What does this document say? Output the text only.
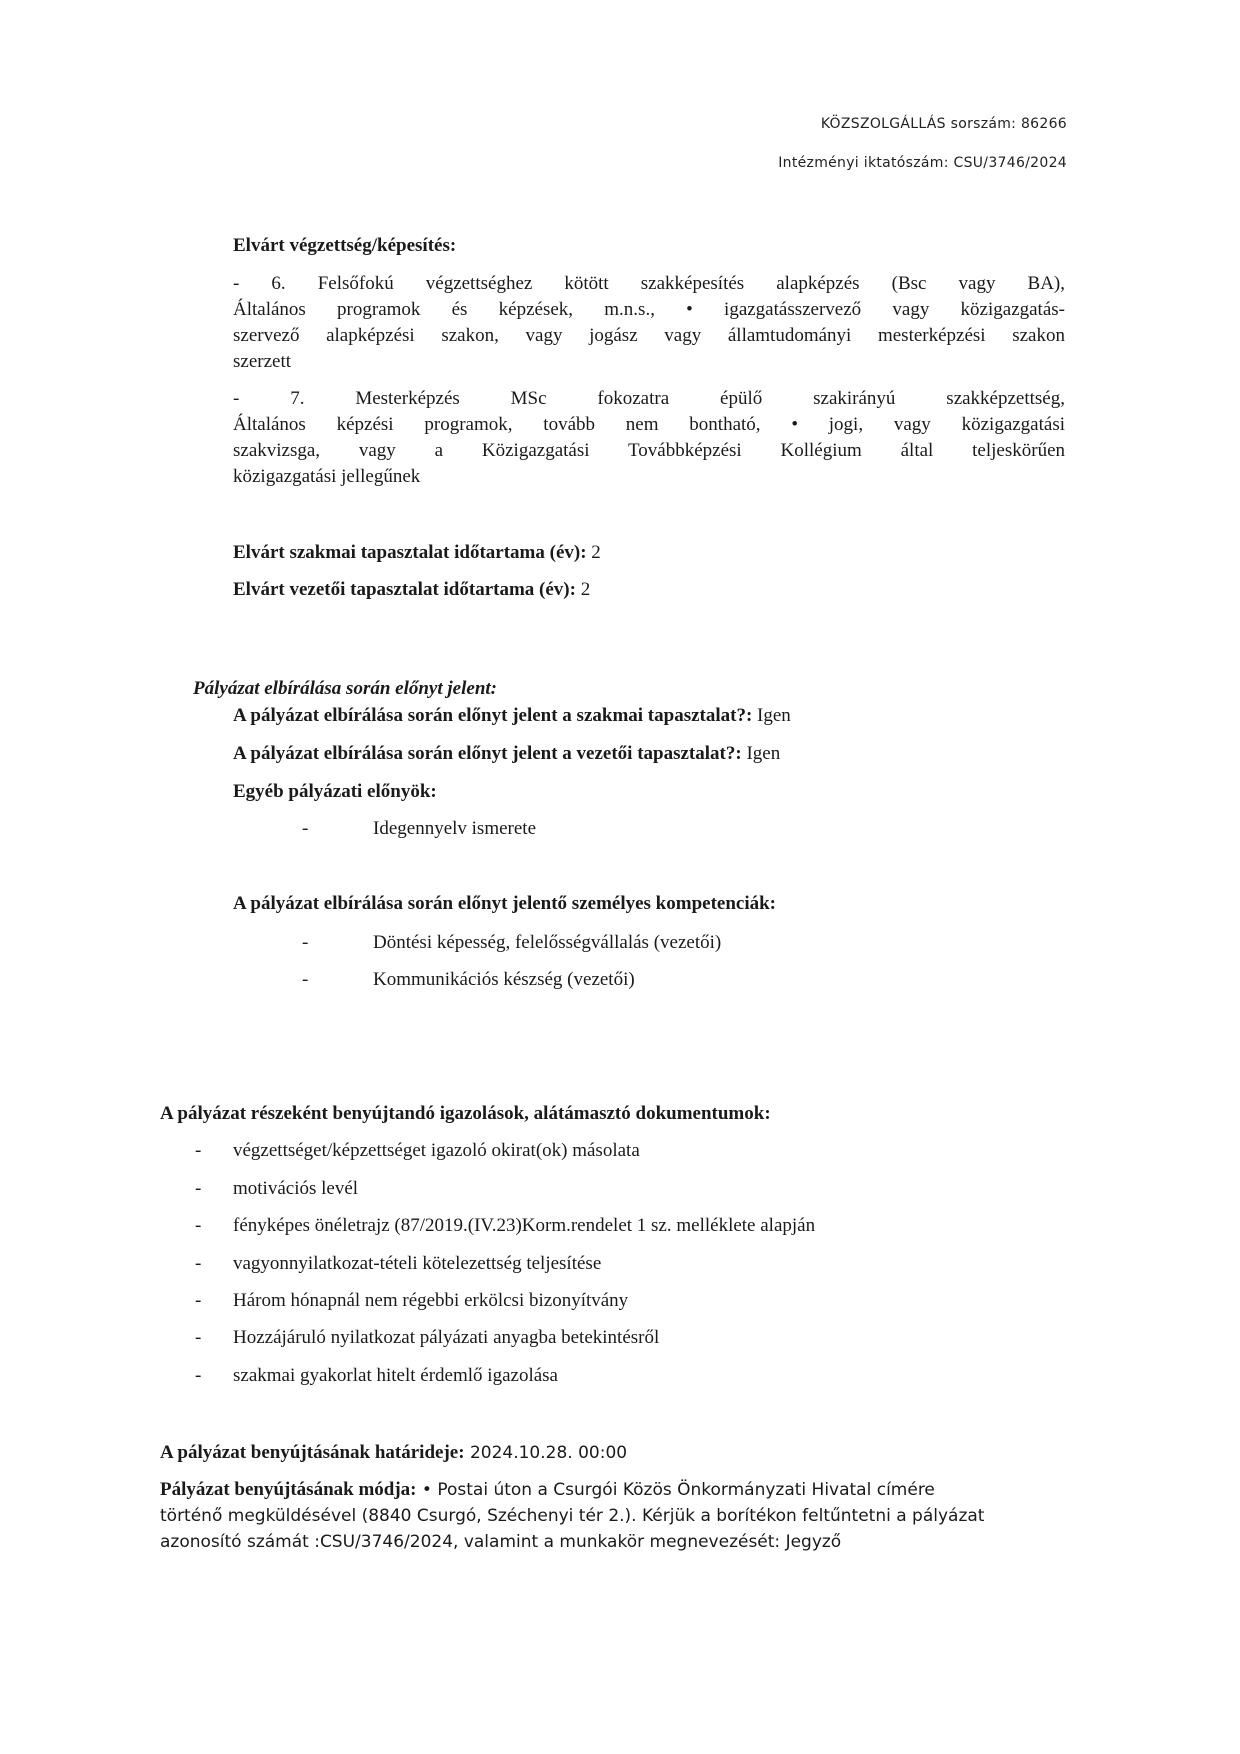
KÖZSZOLGÁLLÁS sorszám: 86266
Intézményi iktatószám: CSU/3746/2024
Elvárt végzettség/képesítés:
- 6. Felsőfokú végzettséghez kötött szakképesítés alapképzés (Bsc vagy BA),
Általános programok és képzések, m.n.s., • igazgatásszervező vagy közigazgatás-
szervező alapképzési szakon, vagy jogász vagy államtudományi mesterképzési szakon
szerzett
- 7. Mesterképzés MSc fokozatra épülő szakirányú szakképzettség,
Általános képzési programok, tovább nem bontható, • jogi, vagy közigazgatási
szakvizsga, vagy a Közigazgatási Továbbképzési Kollégium által teljeskörűen
közigazgatási jellegűnek
Elvárt szakmai tapasztalat időtartama (év): 2
Elvárt vezetői tapasztalat időtartama (év): 2
Pályázat elbírálása során előnyt jelent:
A pályázat elbírálása során előnyt jelent a szakmai tapasztalat?: Igen
A pályázat elbírálása során előnyt jelent a vezetői tapasztalat?: Igen
Egyéb pályázati előnyök:
-	Idegennyelv ismerete
A pályázat elbírálása során előnyt jelentő személyes kompetenciák:
-	Döntési képesség, felelősségvállalás (vezetői)
-	Kommunikációs készség (vezetői)
A pályázat részeként benyújtandó igazolások, alátámasztó dokumentumok:
- végzettséget/képzettséget igazoló okirat(ok) másolata
- motivációs levél
- fényképes önéletrajz (87/2019.(IV.23)Korm.rendelet 1 sz. melléklete alapján
- vagyonnyilatkozat-tételi kötelezettség teljesítése
- Három hónapnál nem régebbi erkölcsi bizonyítvány
- Hozzájáruló nyilatkozat pályázati anyagba betekintésről
- szakmai gyakorlat hitelt érdemlő igazolása
A pályázat benyújtásának határideje: 2024.10.28. 00:00
Pályázat benyújtásának módja: • Postai úton a Csurgói Közös Önkormányzati Hivatal címére
történő megküldésével (8840 Csurgó, Széchenyi tér 2.). Kérjük a borítékon feltűntetni a pályázat
azonosító számát :CSU/3746/2024, valamint a munkakör megnevezését: Jegyző
